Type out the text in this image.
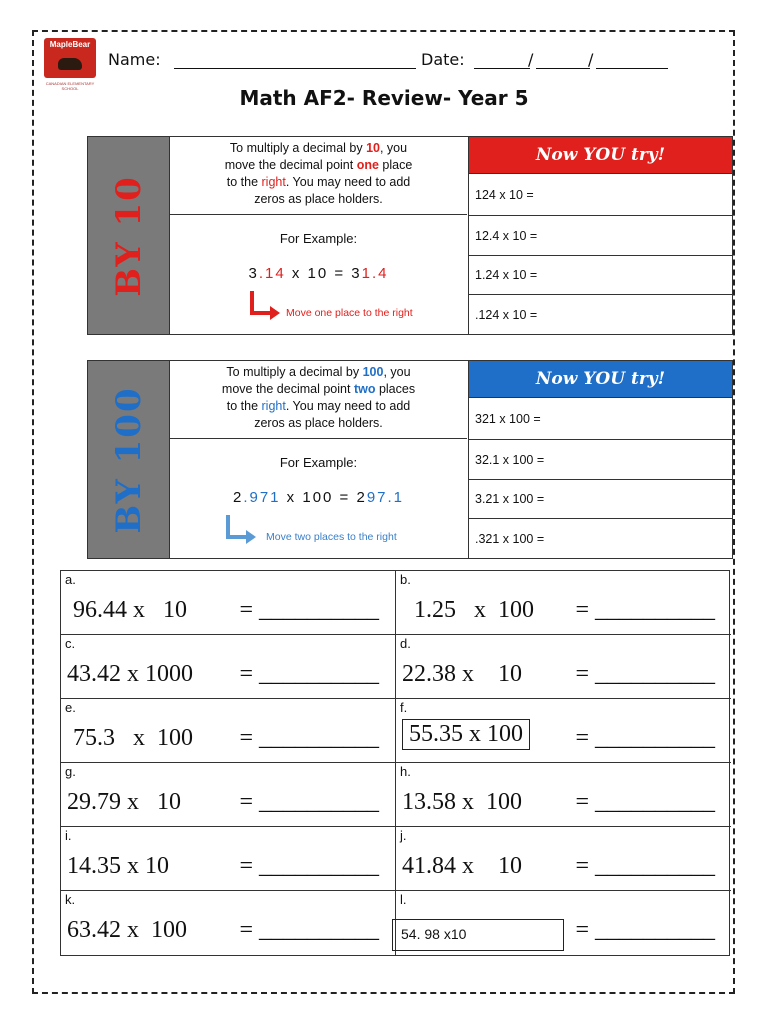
MapleBear
CANADIAN ELEMENTARY SCHOOL
Name:	Date:	/	/
Math AF2- Review- Year 5
BY 10
To multiply a decimal by 10, you
move the decimal point one place
to the right. You may need to add
zeros as place holders.
For Example:
3.14 x 10 = 31.4
Move one place to the right
Now YOU try!
124 x 10 =
12.4 x 10 =
1.24 x 10 =
.124 x 10 =
BY 100
To multiply a decimal by 100, you
move the decimal point two places
to the right. You may need to add
zeros as place holders.
For Example:
2.971 x 100 = 297.1
Move two places to the right
Now YOU try!
321 x 100 =
32.1 x 100 =
3.21 x 100 =
.321 x 100 =
a.
96.44 x   10 = __________
b.
1.25   x  100 = __________
c.
43.42 x 1000 = __________
d.
22.38 x    10 = __________
e.
75.3   x  100 = __________
f.
55.35 x 100 = __________
g.
29.79 x   10 = __________
h.
13.58 x  100 = __________
i.
14.35 x 10	= __________
j.
41.84 x    10 = __________
k.
63.42 x  100 = __________
l.
54. 98 x10	= __________
